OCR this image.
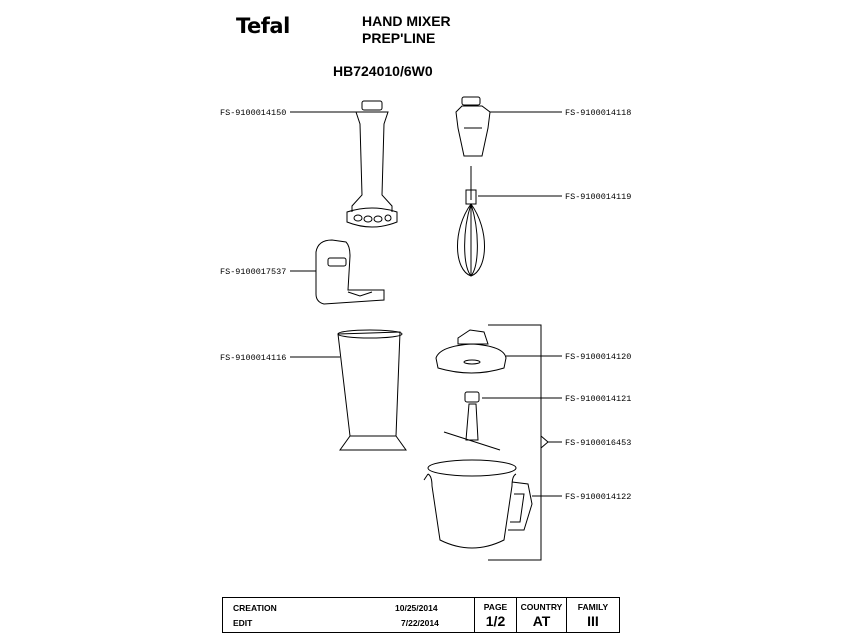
Tefal	HAND MIXER
PREP'LINE
HB724010/6W0
FS-9100014150
FS-9100017537
FS-9100014116
FS-9100014118
FS-9100014119
FS-9100014120
FS-9100014121
FS-9100016453
FS-9100014122
CREATION	10/25/2014
EDIT	7/22/2014
PAGE
1/2
COUNTRY
AT
FAMILY
III
